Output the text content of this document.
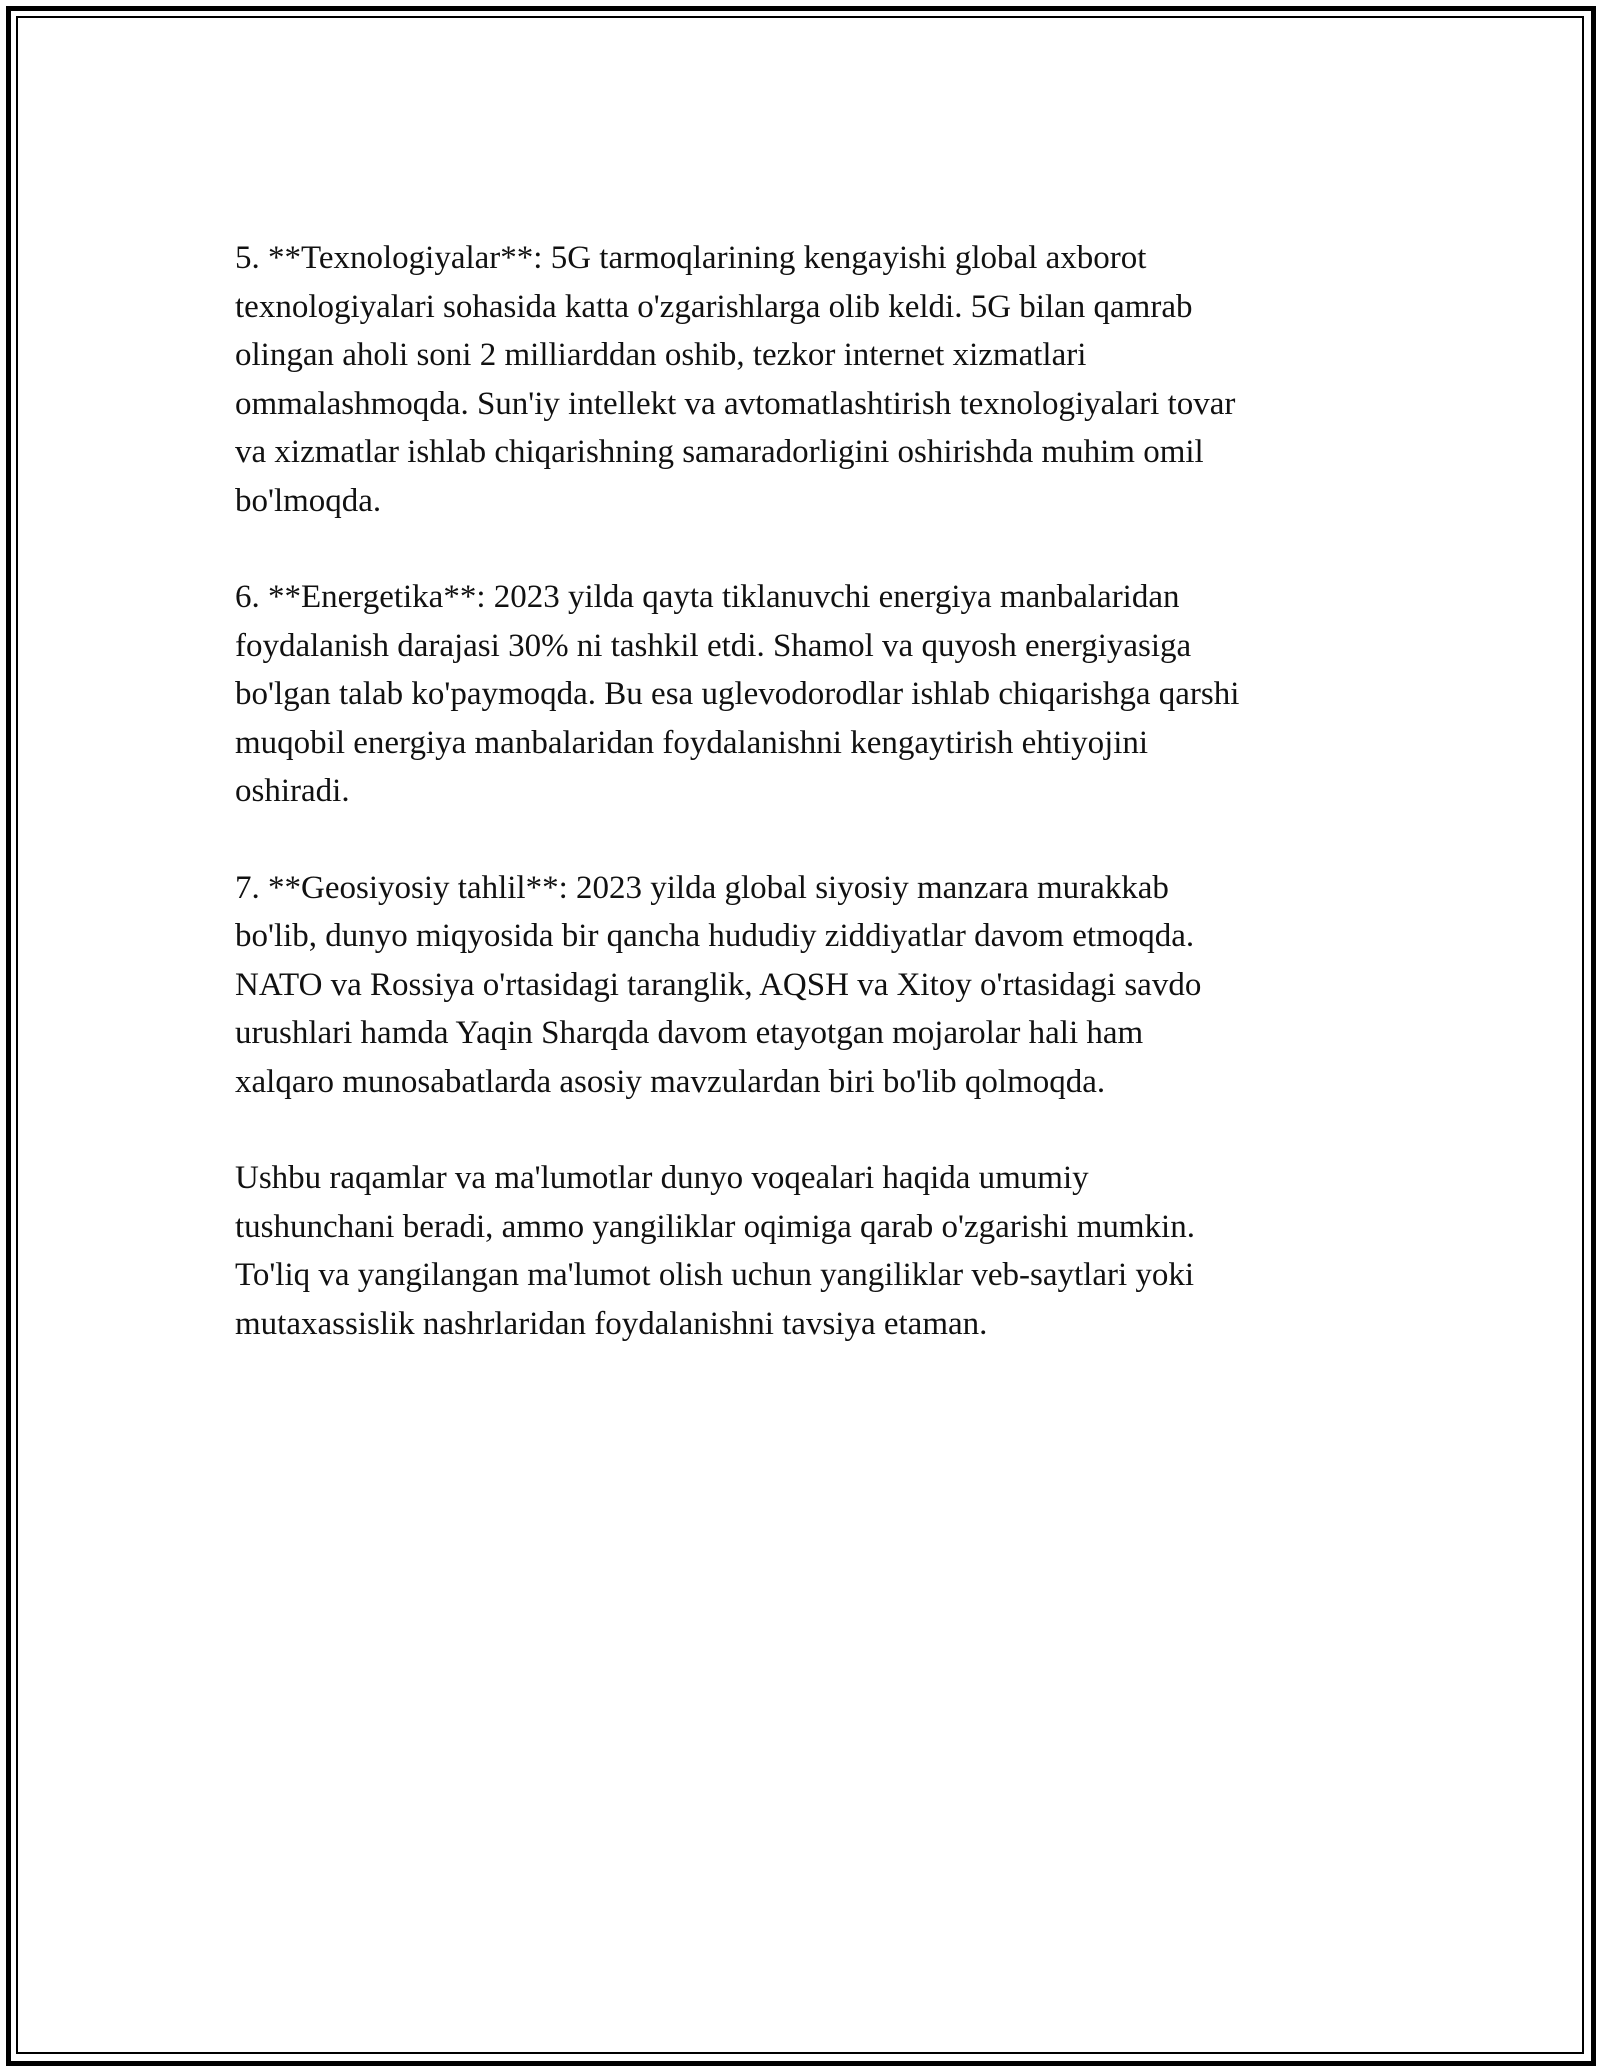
5. **Texnologiyalar**: 5G tarmoqlarining kengayishi global axborot
texnologiyalari sohasida katta o'zgarishlarga olib keldi. 5G bilan qamrab
olingan aholi soni 2 milliarddan oshib, tezkor internet xizmatlari
ommalashmoqda. Sun'iy intellekt va avtomatlashtirish texnologiyalari tovar
va xizmatlar ishlab chiqarishning samaradorligini oshirishda muhim omil
bo'lmoqda.

6. **Energetika**: 2023 yilda qayta tiklanuvchi energiya manbalaridan
foydalanish darajasi 30% ni tashkil etdi. Shamol va quyosh energiyasiga
bo'lgan talab ko'paymoqda. Bu esa uglevodorodlar ishlab chiqarishga qarshi
muqobil energiya manbalaridan foydalanishni kengaytirish ehtiyojini
oshiradi.

7. **Geosiyosiy tahlil**: 2023 yilda global siyosiy manzara murakkab
bo'lib, dunyo miqyosida bir qancha hududiy ziddiyatlar davom etmoqda.
NATO va Rossiya o'rtasidagi taranglik, AQSH va Xitoy o'rtasidagi savdo
urushlari hamda Yaqin Sharqda davom etayotgan mojarolar hali ham
xalqaro munosabatlarda asosiy mavzulardan biri bo'lib qolmoqda.

Ushbu raqamlar va ma'lumotlar dunyo voqealari haqida umumiy
tushunchani beradi, ammo yangiliklar oqimiga qarab o'zgarishi mumkin.
To'liq va yangilangan ma'lumot olish uchun yangiliklar veb-saytlari yoki
mutaxassislik nashrlaridan foydalanishni tavsiya etaman.
